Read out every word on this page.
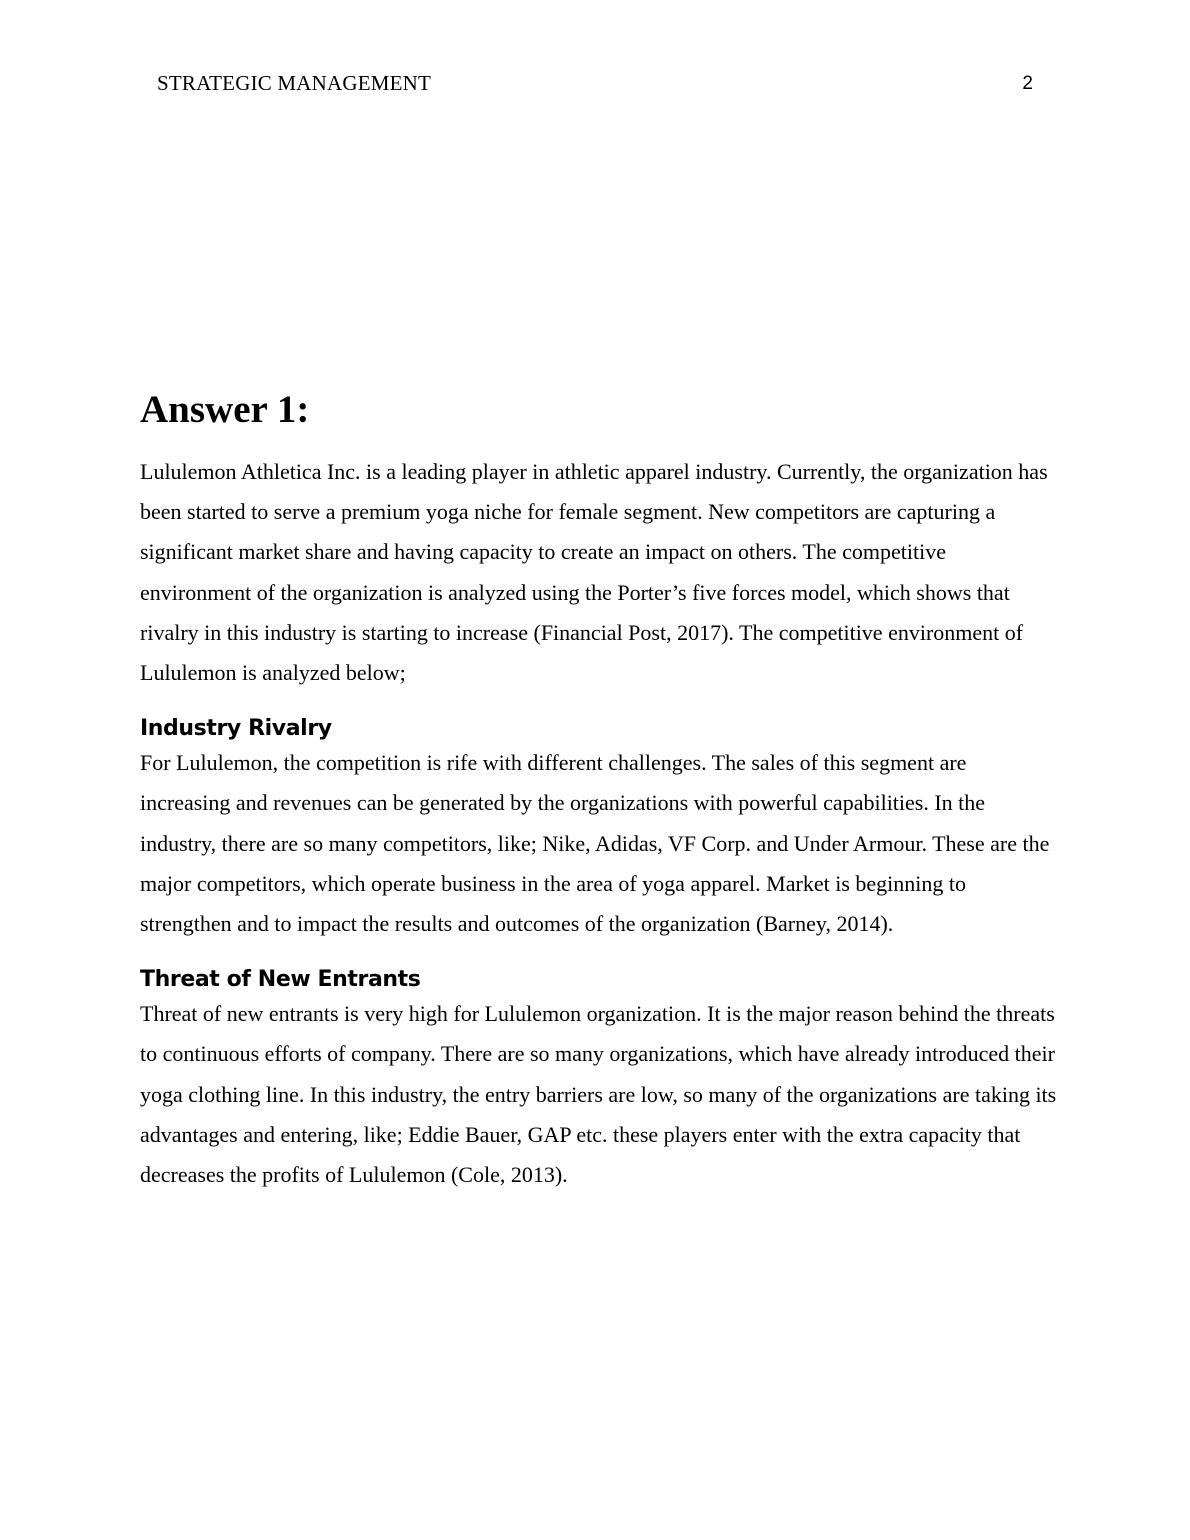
STRATEGIC MANAGEMENT	2
Answer 1:

Lululemon Athletica Inc. is a leading player in athletic apparel industry. Currently, the organization has been started to serve a premium yoga niche for female segment. New competitors are capturing a significant market share and having capacity to create an impact on others. The competitive environment of the organization is analyzed using the Porter’s five forces model, which shows that rivalry in this industry is starting to increase (Financial Post, 2017). The competitive environment of Lululemon is analyzed below;

Industry Rivalry

For Lululemon, the competition is rife with different challenges. The sales of this segment are increasing and revenues can be generated by the organizations with powerful capabilities. In the industry, there are so many competitors, like; Nike, Adidas, VF Corp. and Under Armour. These are the major competitors, which operate business in the area of yoga apparel. Market is beginning to strengthen and to impact the results and outcomes of the organization (Barney, 2014).

Threat of New Entrants

Threat of new entrants is very high for Lululemon organization. It is the major reason behind the threats to continuous efforts of company. There are so many organizations, which have already introduced their yoga clothing line. In this industry, the entry barriers are low, so many of the organizations are taking its advantages and entering, like; Eddie Bauer, GAP etc. these players enter with the extra capacity that decreases the profits of Lululemon (Cole, 2013).
